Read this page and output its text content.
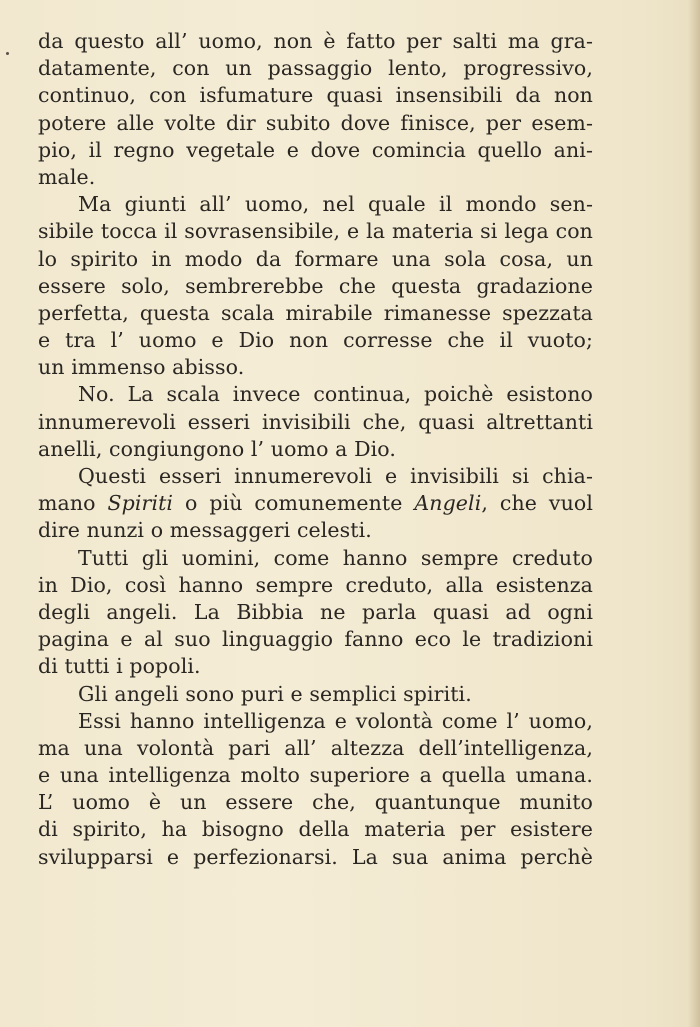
da questo all’ uomo, non è fatto per salti ma gra-
datamente, con un passaggio lento, progressivo,
continuo, con isfumature quasi insensibili da non
potere alle volte dir subito dove finisce, per esem-
pio, il regno vegetale e dove comincia quello ani-
male.
Ma giunti all’ uomo, nel quale il mondo sen-
sibile tocca il sovrasensibile, e la materia si lega con
lo spirito in modo da formare una sola cosa, un
essere solo, sembrerebbe che questa gradazione
perfetta, questa scala mirabile rimanesse spezzata
e tra l’ uomo e Dio non corresse che il vuoto;
un immenso abisso.
No. La scala invece continua, poichè esistono
innumerevoli esseri invisibili che, quasi altrettanti
anelli, congiungono l’ uomo a Dio.
Questi esseri innumerevoli e invisibili si chia-
mano Spiriti o più comunemente Angeli, che vuol
dire nunzi o messaggeri celesti.
Tutti gli uomini, come hanno sempre creduto
in Dio, così hanno sempre creduto, alla esistenza
degli angeli. La Bibbia ne parla quasi ad ogni
pagina e al suo linguaggio fanno eco le tradizioni
di tutti i popoli.
Gli angeli sono puri e semplici spiriti.
Essi hanno intelligenza e volontà come l’ uomo,
ma una volontà pari all’ altezza dell’intelligenza,
e una intelligenza molto superiore a quella umana.
L’ uomo è un essere che, quantunque munito
di spirito, ha bisogno della materia per esistere
svilupparsi e perfezionarsi. La sua anima perchè
